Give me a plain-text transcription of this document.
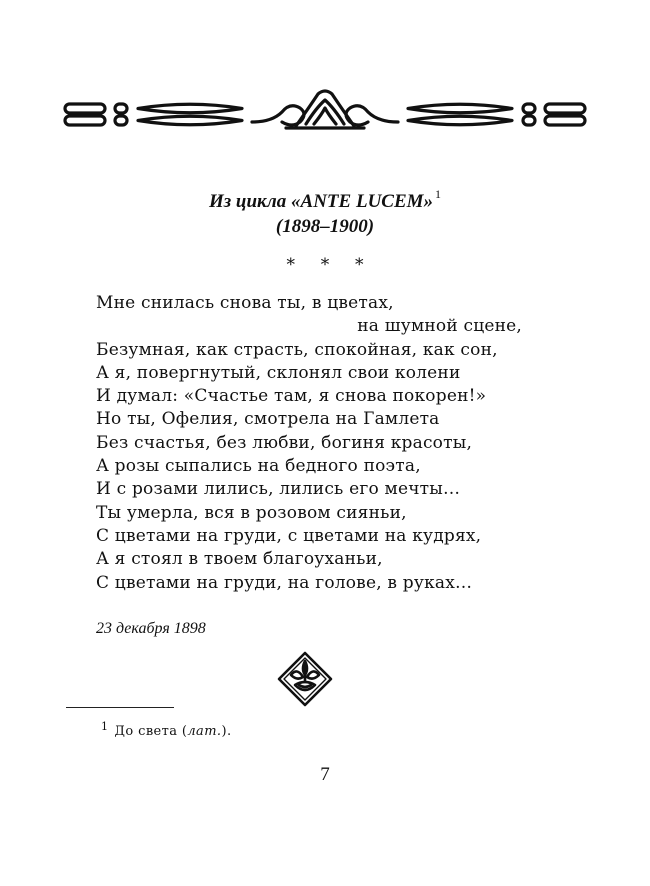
Из цикла «ANTE LUCEM» $^1$
(1898–1900)
* * *
Мне снилась снова ты, в цветах,
на шумной сцене,
Безумная, как страсть, спокойная, как сон,
А я, повергнутый, склонял свои колени
И думал: «Счастье там, я снова покорен!»
Но ты, Офелия, смотрела на Гамлета
Без счастья, без любви, богиня красоты,
А розы сыпались на бедного поэта,
И с розами лились, лились его мечты…
Ты умерла, вся в розовом сияньи,
С цветами на груди, с цветами на кудрях,
А я стоял в твоем благоуханьи,
С цветами на груди, на голове, в руках…
23 декабря 1898
$^1$ До света (лат.).
7
